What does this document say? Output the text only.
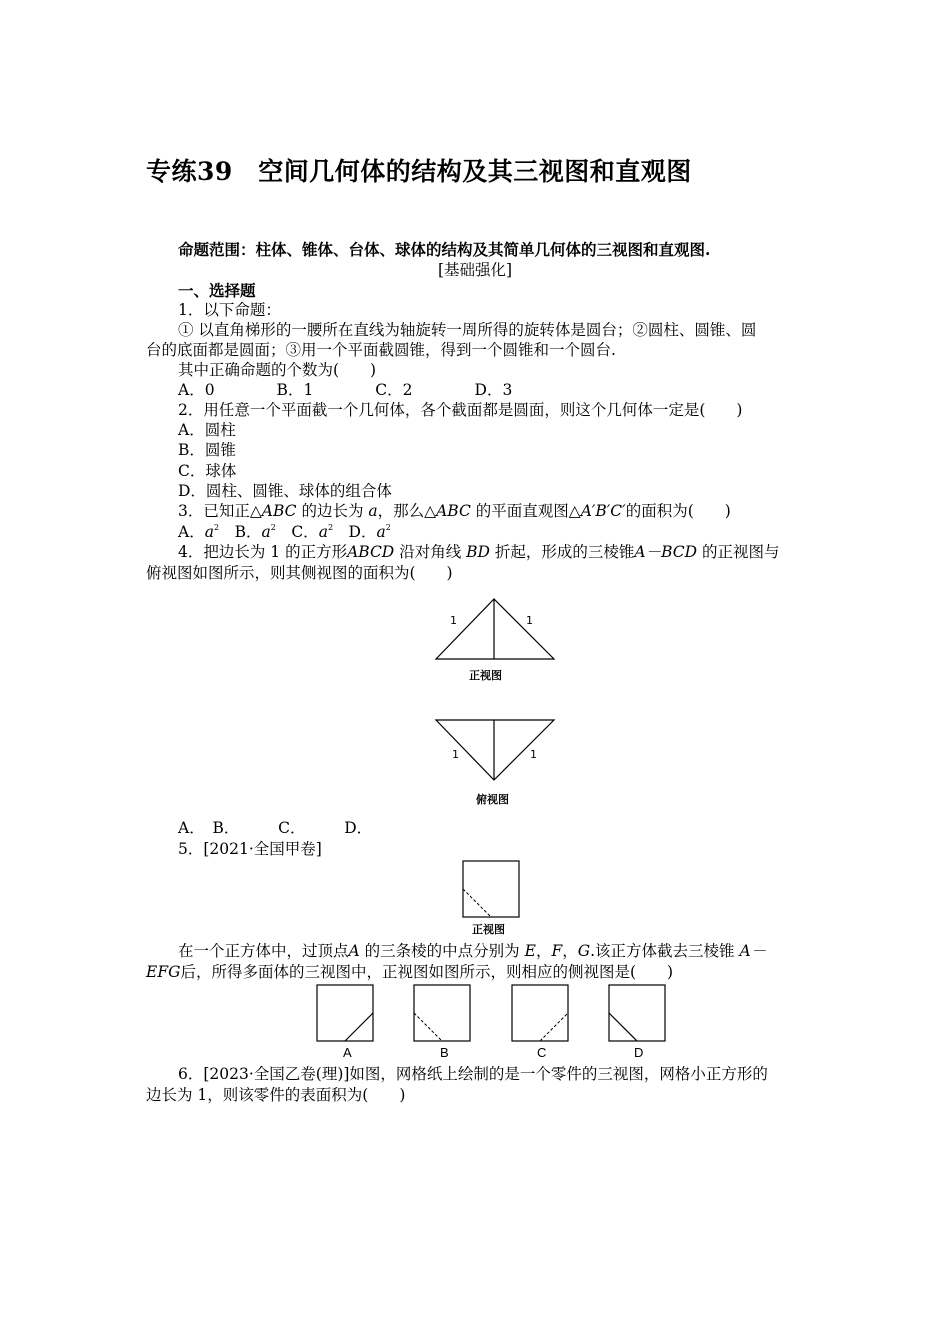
专练39　空间几何体的结构及其三视图和直观图
命题范围：柱体、锥体、台体、球体的结构及其简单几何体的三视图和直观图.
[基础强化]
一、选择题
1．以下命题：
① 以直角梯形的一腰所在直线为轴旋转一周所得的旋转体是圆台；②圆柱、圆锥、圆
台的底面都是圆面；③用一个平面截圆锥，得到一个圆锥和一个圆台.
其中正确命题的个数为(　　)
A．0　　　　B．1　　　　C．2　　　　D．3
2．用任意一个平面截一个几何体，各个截面都是圆面，则这个几何体一定是(　　)
A．圆柱
B．圆锥
C．球体
D．圆柱、圆锥、球体的组合体
3．已知正△ABC 的边长为 a，那么△ABC 的平面直观图△A′B′C′的面积为(　　)
A．$a^2$　 B．$a^2$　 C．$a^2$　 D．$a^2$
4．把边长为 1 的正方形ABCD 沿对角线 BD 折起，形成的三棱锥A－BCD 的正视图与
俯视图如图所示，则其侧视图的面积为(　　)
1	1
正视图
1	1
俯视图
A．　B．　　　C．　　　D．
5．[2021·全国甲卷]
正视图
在一个正方体中，过顶点A 的三条棱的中点分别为 E，F，G.该正方体截去三棱锥 A－
EFG后，所得多面体的三视图中，正视图如图所示，则相应的侧视图是(　　)
A	B	C	D
6．[2023·全国乙卷(理)]如图，网格纸上绘制的是一个零件的三视图，网格小正方形的
边长为 1，则该零件的表面积为(　　)
